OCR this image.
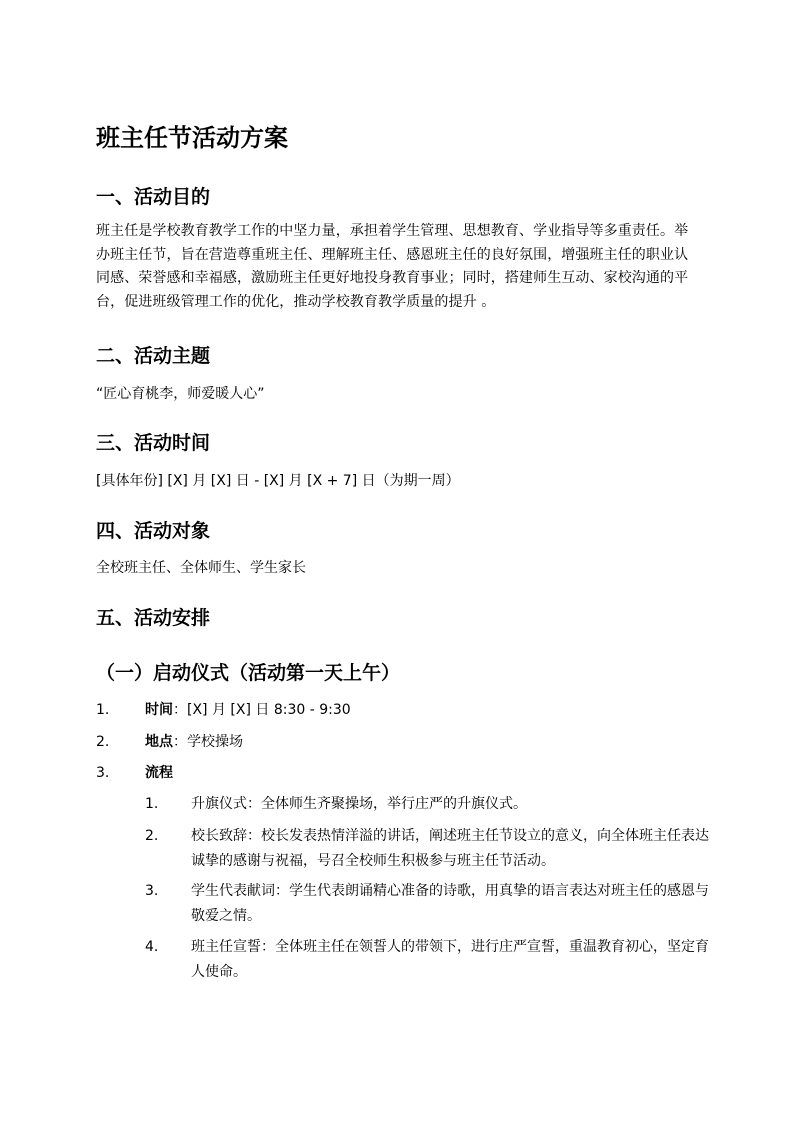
班主任节活动方案
一、活动目的
班主任是学校教育教学工作的中坚力量，承担着学生管理、思想教育、学业指导等多重责任。举办班主任节，旨在营造尊重班主任、理解班主任、感恩班主任的良好氛围，增强班主任的职业认同感、荣誉感和幸福感，激励班主任更好地投身教育事业；同时，搭建师生互动、家校沟通的平台，促进班级管理工作的优化，推动学校教育教学质量的提升 。
二、活动主题
“匠心育桃李，师爱暖人心”
三、活动时间
[具体年份] [X] 月 [X] 日 - [X] 月 [X + 7] 日（为期一周）
四、活动对象
全校班主任、全体师生、学生家长
五、活动安排
（一）启动仪式（活动第一天上午）
1.	时间：[X] 月 [X] 日 8:30 - 9:30
2.	地点：学校操场
3.	流程
1. 升旗仪式：全体师生齐聚操场，举行庄严的升旗仪式。
2. 校长致辞：校长发表热情洋溢的讲话，阐述班主任节设立的意义，向全体班主任表达诚挚的感谢与祝福，号召全校师生积极参与班主任节活动。
3. 学生代表献词：学生代表朗诵精心准备的诗歌，用真挚的语言表达对班主任的感恩与敬爱之情。
4. 班主任宣誓：全体班主任在领誓人的带领下，进行庄严宣誓，重温教育初心，坚定育人使命。
